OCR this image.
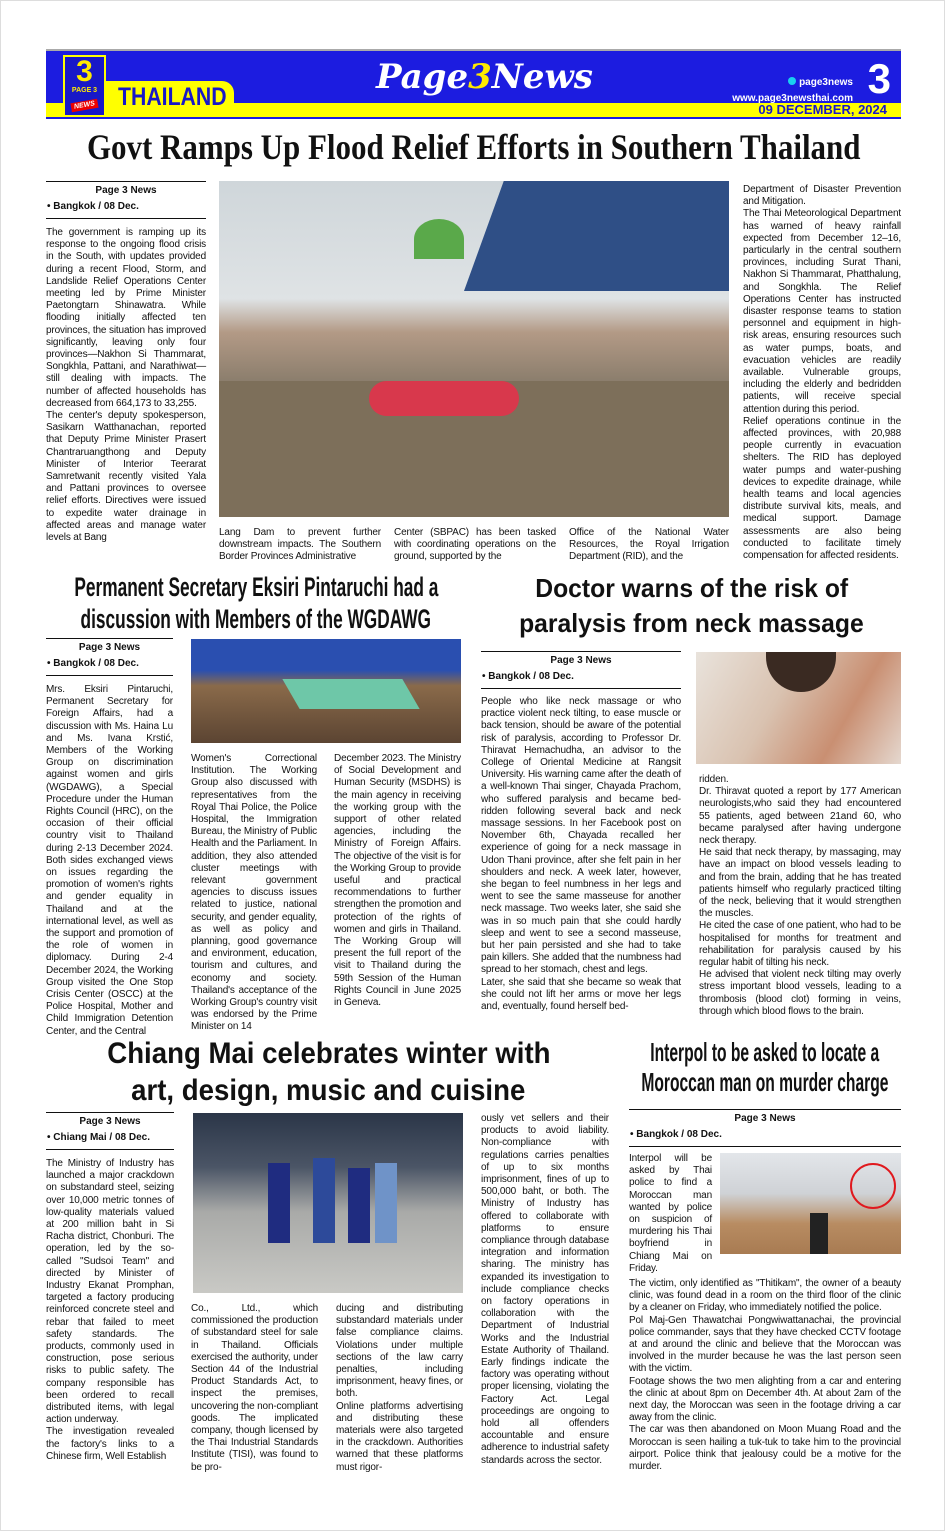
3
PAGE 3
NEWS THAILAND	Page3News	page3news
www.page3newsthai.com 3
09 DECEMBER, 2024
Govt Ramps Up Flood Relief Efforts in Southern Thailand
Page 3 News
• Bangkok / 08 Dec.

The government is ramping up its response to the ongoing flood crisis in the South, with updates provided during a recent Flood, Storm, and Landslide Relief Operations Center meeting led by Prime Minister Paetongtarn Shinawatra. While flooding initially affected ten provinces, the situation has improved significantly, leaving only four provinces—Nakhon Si Thammarat, Songkhla, Pattani, and Narathiwat—still dealing with impacts. The number of affected households has decreased from 664,173 to 33,255.

The center's deputy spokesperson, Sasikarn Watthanachan, reported that Deputy Prime Minister Prasert Chantraruangthong and Deputy Minister of Interior Teerarat Samretwanit recently visited Yala and Pattani provinces to oversee relief efforts. Directives were issued to expedite water drainage in affected areas and manage water levels at Bang	Lang Dam to prevent further downstream impacts. The Southern Border Provinces Administrative
Center (SBPAC) has been tasked with coordinating operations on the ground, supported by the
Office of the National Water Resources, the Royal Irrigation Department (RID), and the

Department of Disaster Prevention and Mitigation.

The Thai Meteorological Department has warned of heavy rainfall expected from December 12–16, particularly in the central southern provinces, including Surat Thani, Nakhon Si Thammarat, Phatthalung, and Songkhla. The Relief Operations Center has instructed disaster response teams to station personnel and equipment in high-risk areas, ensuring resources such as water pumps, boats, and evacuation vehicles are readily available. Vulnerable groups, including the elderly and bedridden patients, will receive special attention during this period.

Relief operations continue in the affected provinces, with 20,988 people currently in evacuation shelters. The RID has deployed water pumps and water-pushing devices to expedite drainage, while health teams and local agencies distribute survival kits, meals, and medical support. Damage assessments are also being conducted to facilitate timely compensation for affected residents.

Permanent Secretary Eksiri Pintaruchi had a
discussion with Members of the WGDAWG
Page 3 News
• Bangkok / 08 Dec.
Mrs. Eksiri Pintaruchi, Permanent Secretary for Foreign Affairs, had a discussion with Ms. Haina Lu and Ms. Ivana Krstić, Members of the Working Group on discrimination against women and girls (WGDAWG), a Special Procedure under the Human Rights Council (HRC), on the occasion of their official country visit to Thailand during 2-13 December 2024. Both sides exchanged views on issues regarding the promotion of women's rights and gender equality in Thailand and at the international level, as well as the support and promotion of the role of women in diplomacy. During 2-4 December 2024, the Working Group visited the One Stop Crisis Center (OSCC) at the Police Hospital, Mother and Child Immigration Detention Center, and the Central
Women's Correctional Institution. The Working Group also discussed with representatives from the Royal Thai Police, the Police Hospital, the Immigration Bureau, the Ministry of Public Health and the Parliament. In addition, they also attended cluster meetings with relevant government agencies to discuss issues related to justice, national security, and gender equality, as well as policy and planning, good governance and environment, education, tourism and cultures, and economy and society. Thailand's acceptance of the Working Group's country visit was endorsed by the Prime Minister on 14
December 2023. The Ministry of Social Development and Human Security (MSDHS) is the main agency in receiving the working group with the support of other related agencies, including the Ministry of Foreign Affairs. The objective of the visit is for the Working Group to provide useful and practical recommendations to further strengthen the promotion and protection of the rights of women and girls in Thailand. The Working Group will present the full report of the visit to Thailand during the 59th Session of the Human Rights Council in June 2025 in Geneva.
Doctor warns of the risk of
paralysis from neck massage
Page 3 News
• Bangkok / 08 Dec.

People who like neck massage or who practice violent neck tilting, to ease muscle or back tension, should be aware of the potential risk of paralysis, according to Professor Dr. Thiravat Hemachudha, an advisor to the College of Oriental Medicine at Rangsit University. His warning came after the death of a well-known Thai singer, Chayada Prachom, who suffered paralysis and became bed-ridden following several back and neck massage sessions. In her Facebook post on November 6th, Chayada recalled her experience of going for a neck massage in Udon Thani province, after she felt pain in her shoulders and neck. A week later, however, she began to feel numbness in her legs and went to see the same masseuse for another neck massage. Two weeks later, she said she was in so much pain that she could hardly sleep and went to see a second masseuse, but her pain persisted and she had to take pain killers. She added that the numbness had spread to her stomach, chest and legs.

Later, she said that she became so weak that she could not lift her arms or move her legs and, eventually, found herself bed-

ridden.

Dr. Thiravat quoted a report by 177 American neurologists,who said they had encountered 55 patients, aged between 21and 60, who became paralysed after having undergone neck therapy.

He said that neck therapy, by massaging, may have an impact on blood vessels leading to and from the brain, adding that he has treated patients himself who regularly practiced tilting of the neck, believing that it would strengthen the muscles.

He cited the case of one patient, who had to be hospitalised for months for treatment and rehabilitation for paralysis caused by his regular habit of tilting his neck.

He advised that violent neck tilting may overly stress important blood vessels, leading to a thrombosis (blood clot) forming in veins, through which blood flows to the brain.

Chiang Mai celebrates winter with
art, design, music and cuisine
Page 3 News
• Chiang Mai / 08 Dec.

The Ministry of Industry has launched a major crackdown on substandard steel, seizing over 10,000 metric tonnes of low-quality materials valued at 200 million baht in Si Racha district, Chonburi. The operation, led by the so-called "Sudsoi Team" and directed by Minister of Industry Ekanat Promphan, targeted a factory producing reinforced concrete steel and rebar that failed to meet safety standards. The products, commonly used in construction, pose serious risks to public safety. The company responsible has been ordered to recall distributed items, with legal action underway.

The investigation revealed the factory's links to a Chinese firm, Well Establish

Co., Ltd., which commissioned the production of substandard steel for sale in Thailand. Officials exercised the authority, under Section 44 of the Industrial Product Standards Act, to inspect the premises, uncovering the non-compliant goods. The implicated company, though licensed by the Thai Industrial Standards Institute (TISI), was found to be pro-

ducing and distributing substandard materials under false compliance claims. Violations under multiple sections of the law carry penalties, including imprisonment, heavy fines, or both.

Online platforms advertising and distributing these materials were also targeted in the crackdown. Authorities warned that these platforms must rigor-

ously vet sellers and their products to avoid liability. Non-compliance with regulations carries penalties of up to six months imprisonment, fines of up to 500,000 baht, or both. The Ministry of Industry has offered to collaborate with platforms to ensure compliance through database integration and information sharing. The ministry has expanded its investigation to include compliance checks on factory operations in collaboration with the Department of Industrial Works and the Industrial Estate Authority of Thailand. Early findings indicate the factory was operating without proper licensing, violating the Factory Act. Legal proceedings are ongoing to hold all offenders accountable and ensure adherence to industrial safety standards across the sector.
Interpol to be asked to locate a
Moroccan man on murder charge
Page 3 News
• Bangkok / 08 Dec.
Interpol will be asked by Thai police to find a Moroccan man wanted by police on suspicion of murdering his Thai boyfriend in Chiang Mai on Friday.

The victim, only identified as "Thitikam", the owner of a beauty clinic, was found dead in a room on the third floor of the clinic by a cleaner on Friday, who immediately notified the police.

Pol Maj-Gen Thawatchai Pongwiwattanachai, the provincial police commander, says that they have checked CCTV footage at and around the clinic and believe that the Moroccan was involved in the murder because he was the last person seen with the victim.

Footage shows the two men alighting from a car and entering the clinic at about 8pm on December 4th. At about 2am of the next day, the Moroccan was seen in the footage driving a car away from the clinic.

The car was then abandoned on Moon Muang Road and the Moroccan is seen hailing a tuk-tuk to take him to the provincial airport. Police think that jealousy could be a motive for the murder.
